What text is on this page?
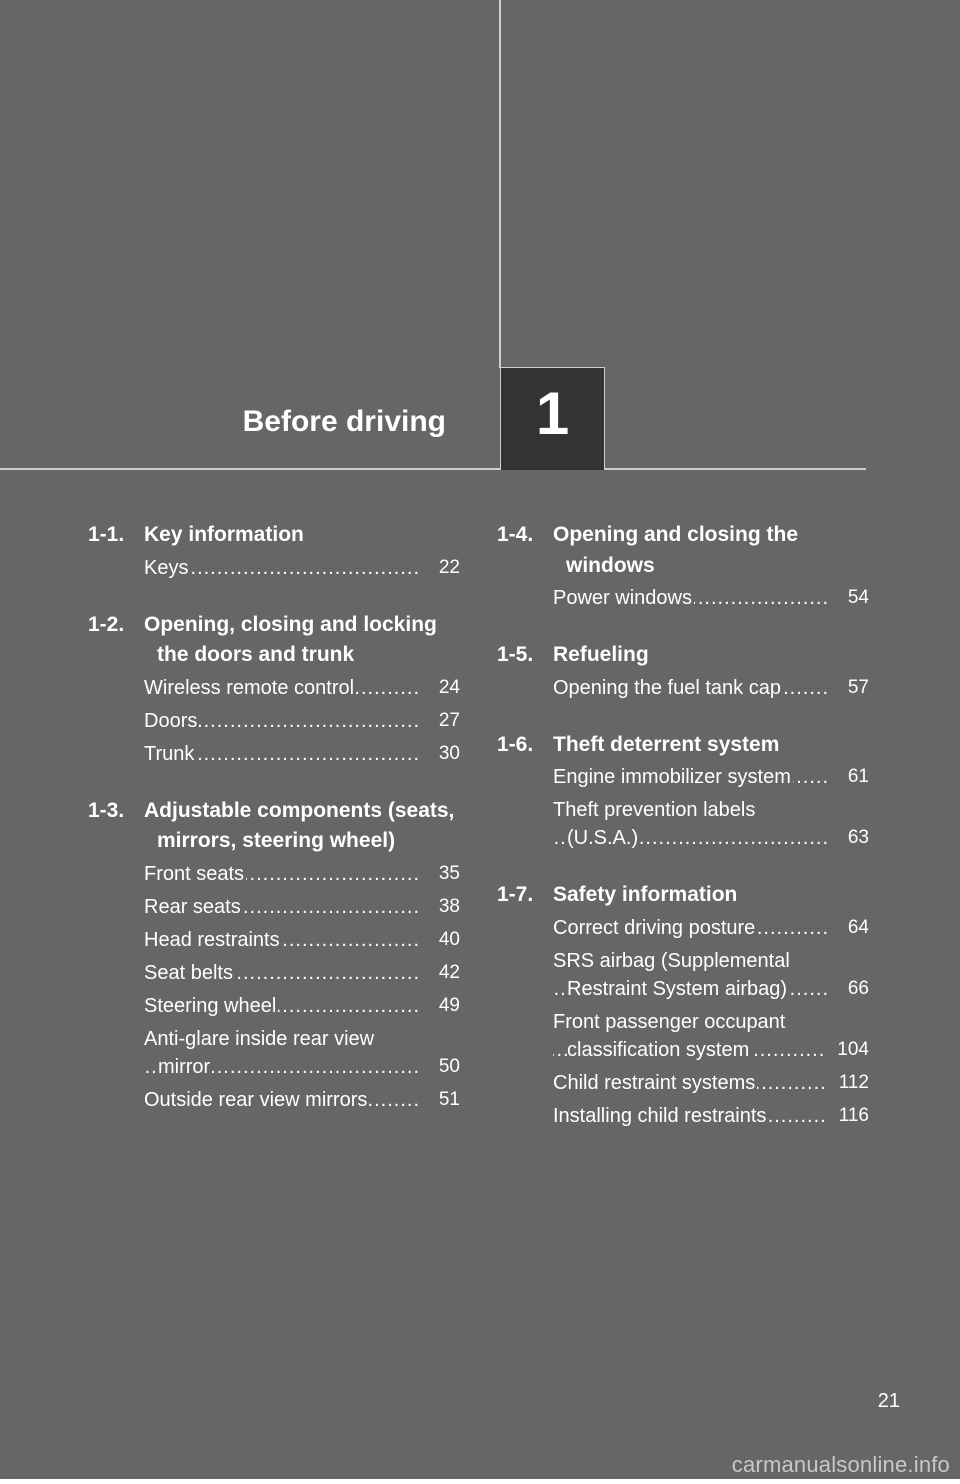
Before driving 1
1-1. Key information
Keys .....	22
1-2. Opening, closing and locking the doors and trunk
Wireless remote control .....	24
Doors .....	27
Trunk .....	30
1-3. Adjustable components (seats, mirrors, steering wheel)
Front seats .....	35
Rear seats .....	38
Head restraints .....	40
Seat belts .....	42
Steering wheel .....	49
Anti-glare inside rear view mirror .....	50
Outside rear view mirrors .....	51
1-4. Opening and closing the windows
Power windows .....	54
1-5. Refueling
Opening the fuel tank cap .....	57
1-6. Theft deterrent system
Engine immobilizer system .....	61
Theft prevention labels (U.S.A.) .....	63
1-7. Safety information
Correct driving posture .....	64
SRS airbag (Supplemental Restraint System airbag) .....	66
Front passenger occupant classification system .....	104
Child restraint systems .....	112
Installing child restraints .....	116
21
carmanualsonline.info
